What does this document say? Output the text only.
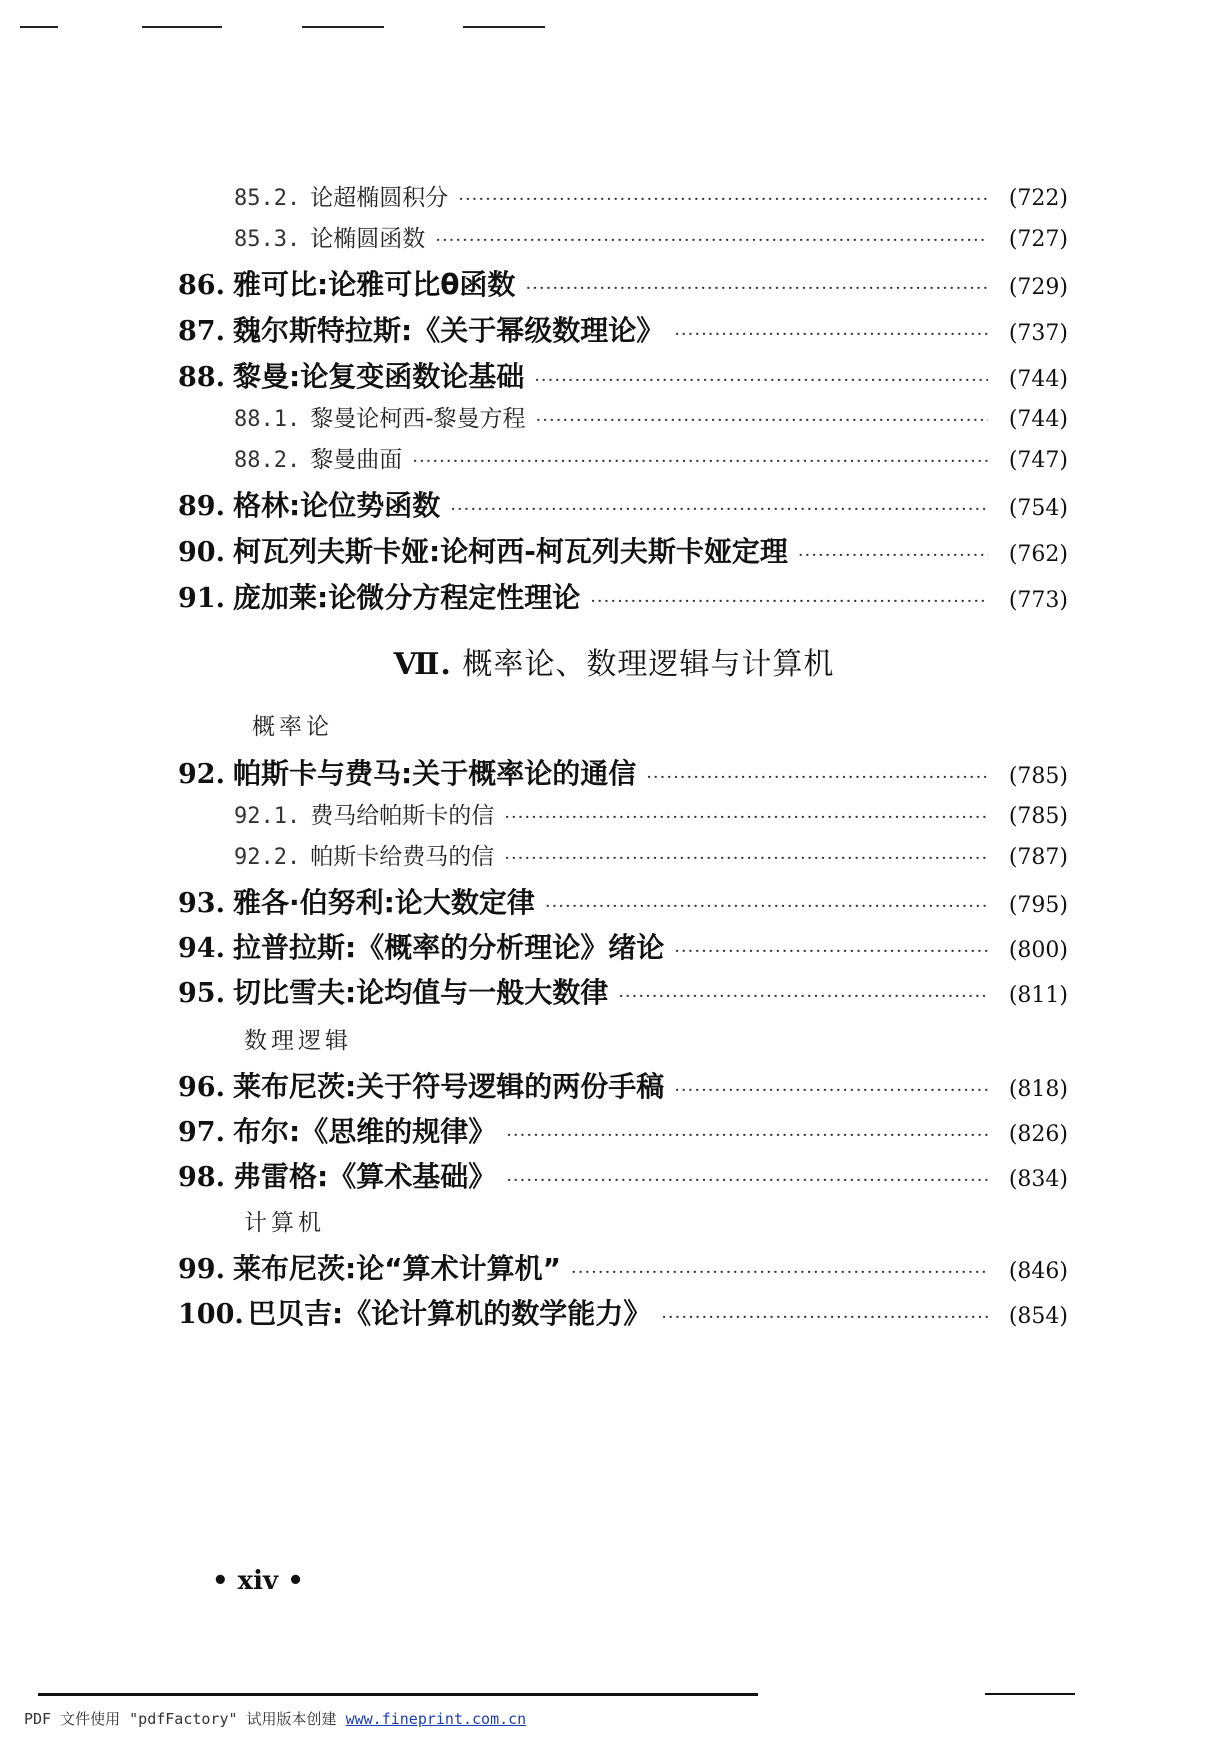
85.2. 论超椭圆积分 ·····	(722)
85.3. 论椭圆函数 ·····	(727)
86. 雅可比:论雅可比θ函数 ·····	(729)
87. 魏尔斯特拉斯:《关于幂级数理论》 ·····	(737)
88. 黎曼:论复变函数论基础 ·····	(744)
88.1. 黎曼论柯西-黎曼方程 ·····	(744)
88.2. 黎曼曲面 ·····	(747)
89. 格林:论位势函数 ·····	(754)
90. 柯瓦列夫斯卡娅:论柯西-柯瓦列夫斯卡娅定理 ·····	(762)
91. 庞加莱:论微分方程定性理论 ·····	(773)
Ⅶ. 概率论、数理逻辑与计算机
概率论
92. 帕斯卡与费马:关于概率论的通信 ·····	(785)
92.1. 费马给帕斯卡的信 ·····	(785)
92.2. 帕斯卡给费马的信 ·····	(787)
93. 雅各·伯努利:论大数定律 ·····	(795)
94. 拉普拉斯:《概率的分析理论》绪论 ·····	(800)
95. 切比雪夫:论均值与一般大数律 ·····	(811)
数理逻辑
96. 莱布尼茨:关于符号逻辑的两份手稿 ·····	(818)
97. 布尔:《思维的规律》 ·····	(826)
98. 弗雷格:《算术基础》 ·····	(834)
计算机
99. 莱布尼茨:论“算术计算机” ·····	(846)
100. 巴贝吉:《论计算机的数学能力》 ·····	(854)
• xiv •
PDF 文件使用 "pdfFactory" 试用版本创建 www.fineprint.com.cn
